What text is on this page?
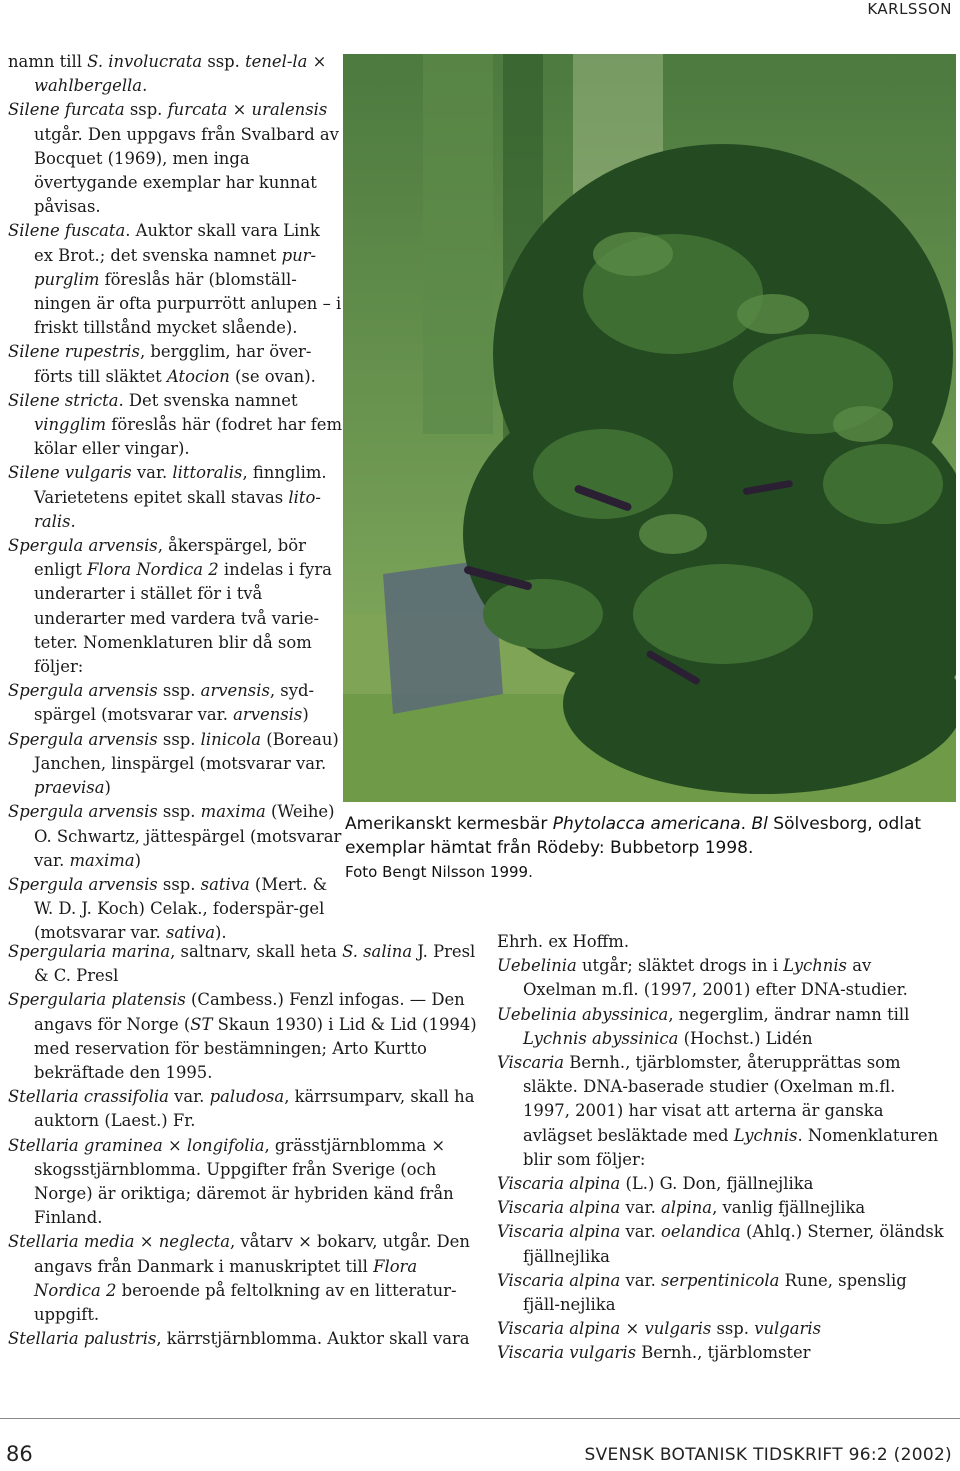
KARLSSON

namn till S. involucrata ssp. tenel-la × wahlbergella.

Silene furcata ssp. furcata × uralensis utgår. Den uppgavs från Svalbard av Bocquet (1969), men inga övertygande exemplar har kunnat påvisas.

Silene fuscata. Auktor skall vara Link ex Brot.; det svenska namnet pur-purglim föreslås här (blomställ-ningen är ofta purpurrött anlupen – i friskt tillstånd mycket slående).

Silene rupestris, bergglim, har över-förts till släktet Atocion (se ovan).

Silene stricta. Det svenska namnet vingglim föreslås här (fodret har fem kölar eller vingar).

Silene vulgaris var. littoralis, finnglim. Varietetens epitet skall stavas lito-ralis.

Spergula arvensis, åkerspärgel, bör enligt Flora Nordica 2 indelas i fyra underarter i stället för i två underarter med vardera två varie-teter. Nomenklaturen blir då som följer:

Spergula arvensis ssp. arvensis, syd-spärgel (motsvarar var. arvensis)

Spergula arvensis ssp. linicola (Boreau) Janchen, linspärgel (motsvarar var. praevisa)

Spergula arvensis ssp. maxima (Weihe) O. Schwartz, jättespärgel (motsvarar var. maxima)

Spergula arvensis ssp. sativa (Mert. & W. D. J. Koch) Celak., foderspär-gel (motsvarar var. sativa).

Amerikanskt kermesbär Phytolacca americana. Bl Sölvesborg, odlat exemplar hämtat från Rödeby: Bubbetorp 1998.
Foto Bengt Nilsson 1999.

Spergularia marina, saltnarv, skall heta S. salina J. Presl & C. Presl

Spergularia platensis (Cambess.) Fenzl infogas. — Den angavs för Norge (ST Skaun 1930) i Lid & Lid (1994) med reservation för bestämningen; Arto Kurtto bekräftade den 1995.

Stellaria crassifolia var. paludosa, kärrsumparv, skall ha auktorn (Laest.) Fr.

Stellaria graminea × longifolia, grässtjärnblomma × skogsstjärnblomma. Uppgifter från Sverige (och Norge) är oriktiga; däremot är hybriden känd från Finland.

Stellaria media × neglecta, våtarv × bokarv, utgår. Den angavs från Danmark i manuskriptet till Flora Nordica 2 beroende på feltolkning av en litteratur-uppgift.

Stellaria palustris, kärrstjärnblomma. Auktor skall vara

Ehrh. ex Hoffm.

Uebelinia utgår; släktet drogs in i Lychnis av Oxelman m.fl. (1997, 2001) efter DNA-studier.

Uebelinia abyssinica, negerglim, ändrar namn till Lychnis abyssinica (Hochst.) Lidén

Viscaria Bernh., tjärblomster, återupprättas som släkte. DNA-baserade studier (Oxelman m.fl. 1997, 2001) har visat att arterna är ganska avlägset besläktade med Lychnis. Nomenklaturen blir som följer:

Viscaria alpina (L.) G. Don, fjällnejlika

Viscaria alpina var. alpina, vanlig fjällnejlika

Viscaria alpina var. oelandica (Ahlq.) Sterner, öländsk fjällnejlika

Viscaria alpina var. serpentinicola Rune, spenslig fjäll-nejlika

Viscaria alpina × vulgaris ssp. vulgaris

Viscaria vulgaris Bernh., tjärblomster

86	SVENSK BOTANISK TIDSKRIFT 96:2 (2002)
